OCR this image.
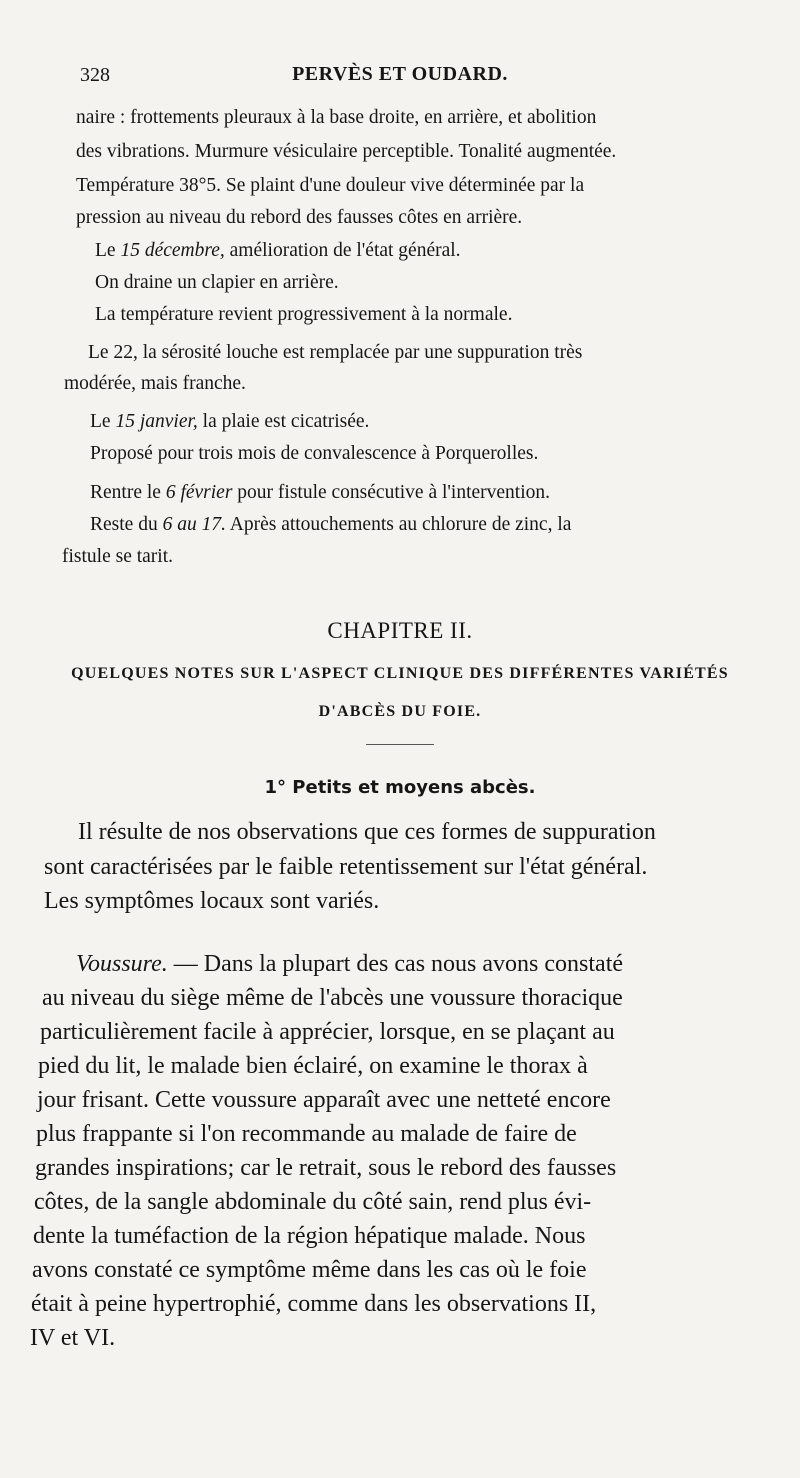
328	PERVÈS ET OUDARD.

naire : frottements pleuraux à la base droite, en arrière, et abolition

des vibrations. Murmure vésiculaire perceptible. Tonalité augmentée.

Température 38°5. Se plaint d'une douleur vive déterminée par la

pression au niveau du rebord des fausses côtes en arrière.

Le 15 décembre, amélioration de l'état général.

On draine un clapier en arrière.

La température revient progressivement à la normale.

Le 22, la sérosité louche est remplacée par une suppuration très

modérée, mais franche.

Le 15 janvier, la plaie est cicatrisée.

Proposé pour trois mois de convalescence à Porquerolles.

Rentre le 6 février pour fistule consécutive à l'intervention.

Reste du 6 au 17. Après attouchements au chlorure de zinc, la

fistule se tarit.

CHAPITRE II.
QUELQUES NOTES SUR L'ASPECT CLINIQUE DES DIFFÉRENTES VARIÉTÉS
D'ABCÈS DU FOIE.
1° Petits et moyens abcès.

Il résulte de nos observations que ces formes de suppuration

sont caractérisées par le faible retentissement sur l'état général.

Les symptômes locaux sont variés.

Voussure. — Dans la plupart des cas nous avons constaté

au niveau du siège même de l'abcès une voussure thoracique

particulièrement facile à apprécier, lorsque, en se plaçant au

pied du lit, le malade bien éclairé, on examine le thorax à

jour frisant. Cette voussure apparaît avec une netteté encore

plus frappante si l'on recommande au malade de faire de

grandes inspirations; car le retrait, sous le rebord des fausses

côtes, de la sangle abdominale du côté sain, rend plus évi-

dente la tuméfaction de la région hépatique malade. Nous

avons constaté ce symptôme même dans les cas où le foie

était à peine hypertrophié, comme dans les observations II,

IV et VI.
